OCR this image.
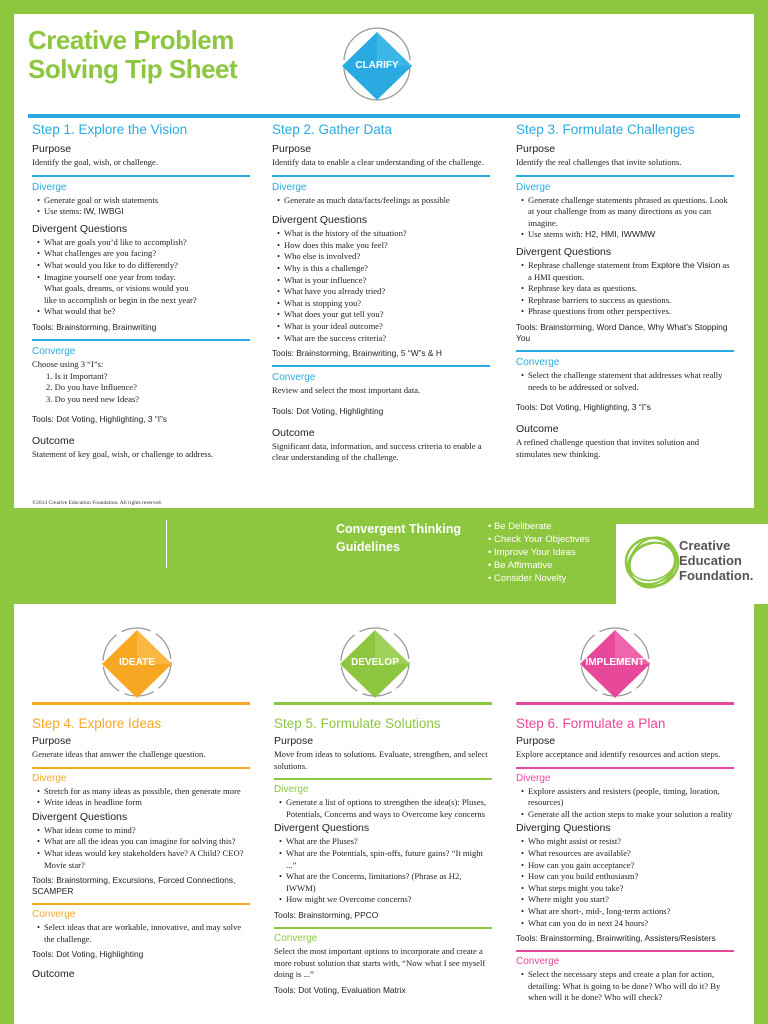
Creative Problem
Solving Tip Sheet	CLARIFY
Step 1. Explore the Vision
Purpose

Identify the goal, wish, or challenge.

Diverge
• Generate goal or wish statements
• Use stems: IW, IWBGI
Divergent Questions
• What are goals you’d like to accomplish?
• What challenges are you facing?
• What would you like to do differently?
• Imagine yourself one year from today.
What goals, dreams, or visions would you
like to accomplish or begin in the next year?
• What would that be?
Tools: Brainstorming, Brainwriting
Converge

Choose using 3 “I”s:

1. Is it Important?
2. Do you have Influence?
3. Do you need new Ideas?
Tools: Dot Voting, Highlighting, 3 “I”s
Outcome

Statement of key goal, wish, or challenge to address.

Step 2. Gather Data
Purpose

Identify data to enable a clear understanding of the challenge.

Diverge
• Generate as much data/facts/feelings as possible
Divergent Questions
• What is the history of the situation?
• How does this make you feel?
• Who else is involved?
• Why is this a challenge?
• What is your influence?
• What have you already tried?
• What is stopping you?
• What does your gut tell you?
• What is your ideal outcome?
• What are the success criteria?
Tools: Brainstorming, Brainwriting, 5 “W”s & H
Converge

Review and select the most important data.

Tools: Dot Voting, Highlighting
Outcome

Significant data, information, and success criteria to enable a clear understanding of the challenge.

Step 3. Formulate Challenges
Purpose

Identify the real challenges that invite solutions.

Diverge
• Generate challenge statements phrased as questions. Look at your challenge from as many directions as you can imagine.
• Use stems with: H2, HMI, IWWMW
Divergent Questions
• Rephrase challenge statement from Explore the Vision as a HMI question.
• Rephrase key data as questions.
• Rephrase barriers to success as questions.
• Phrase questions from other perspectives.
Tools: Brainstorming, Word Dance, Why What’s Stopping You
Converge
• Select the challenge statement that addresses what really needs to be addressed or solved.
Tools: Dot Voting, Highlighting, 3 “I”s
Outcome

A refined challenge question that invites solution and stimulates new thinking.

©2014 Creative Education Foundation. All rights reserved.
Convergent Thinking
Guidelines
• Be Deliberate
• Check Your Objectives
• Improve Your Ideas
• Be Affirmative
• Consider Novelty
Creative
Education
Foundation.
IDEATE	DEVELOP	IMPLEMENT
Step 4. Explore Ideas
Purpose

Generate ideas that answer the challenge question.

Diverge
• Stretch for as many ideas as possible, then generate more
• Write ideas in headline form
Divergent Questions
• What ideas come to mind?
• What are all the ideas you can imagine for solving this?
• What ideas would key stakeholders have? A Child? CEO? Movie star?
Tools: Brainstorming, Excursions, Forced Connections, SCAMPER
Converge
• Select ideas that are workable, innovative, and may solve the challenge.
Tools: Dot Voting, Highlighting
Outcome
Step 5. Formulate Solutions
Purpose

Move from ideas to solutions. Evaluate, strengthen, and select solutions.

Diverge
• Generate a list of options to strengthen the idea(s): Pluses, Potentials, Concerns and ways to Overcome key concerns
Divergent Questions
• What are the Pluses?
• What are the Potentials, spin-offs, future gains? “It might ...”
• What are the Concerns, limitations? (Phrase as H2, IWWM)
• How might we Overcome concerns?
Tools: Brainstorming, PPCO
Converge

Select the most important options to incorporate and create a more robust solution that starts with, “Now what I see myself doing is ...”

Tools: Dot Voting, Evaluation Matrix
Step 6. Formulate a Plan
Purpose

Explore acceptance and identify resources and action steps.

Diverge
• Explore assisters and resisters (people, timing, location, resources)
• Generate all the action steps to make your solution a reality
Diverging Questions
• Who might assist or resist?
• What resources are available?
• How can you gain acceptance?
• How can you build enthusiasm?
• What steps might you take?
• Where might you start?
• What are short-, mid-, long-term actions?
• What can you do in next 24 hours?
Tools: Brainstorming, Brainwriting, Assisters/Resisters
Converge
• Select the necessary steps and create a plan for action, detailing: What is going to be done? Who will do it? By when will it be done? Who will check?
